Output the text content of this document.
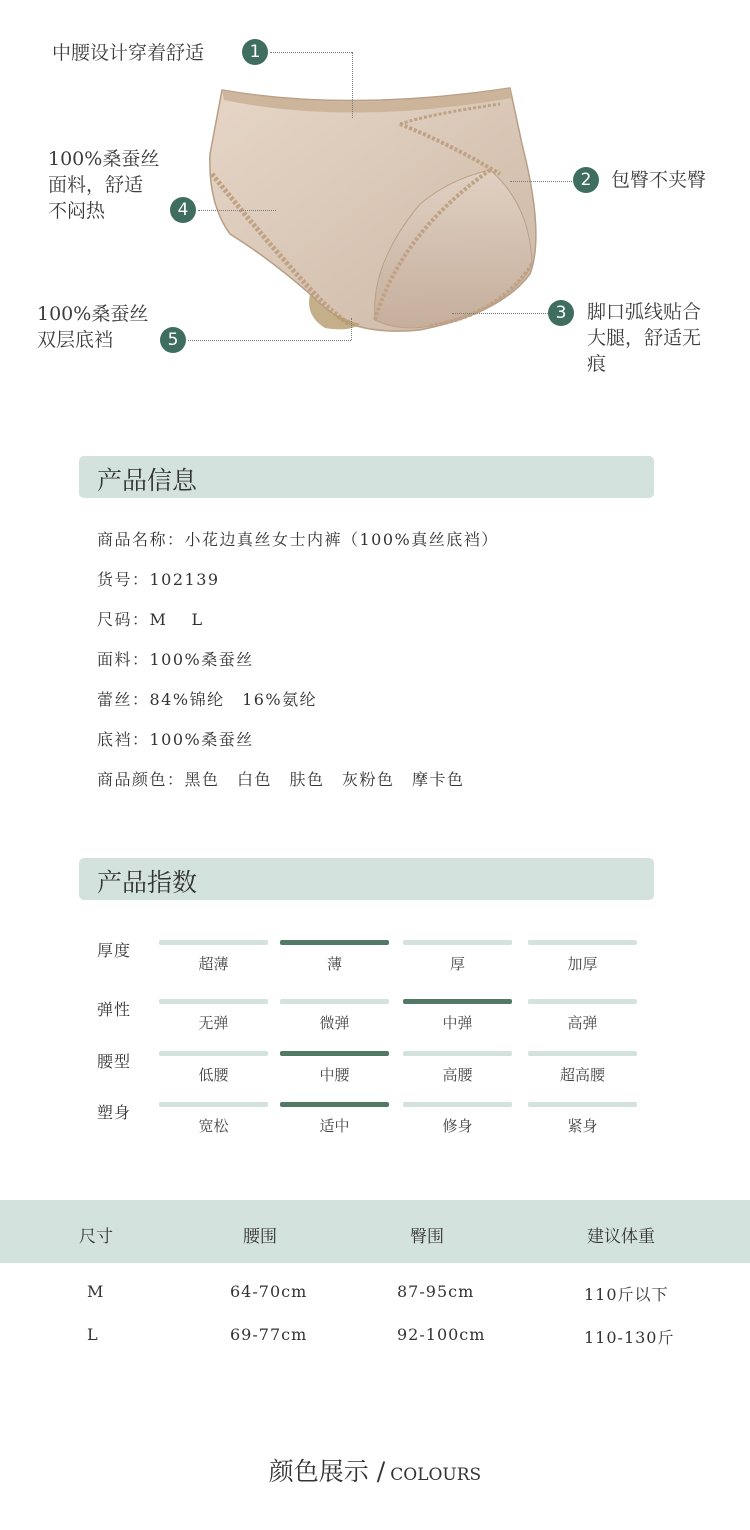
中腰设计穿着舒适	1
2	包臀不夹臀
3	脚口弧线贴合
大腿，舒适无
痕
100%桑蚕丝
面料，舒适
不闷热	4
100%桑蚕丝
双层底裆	5
产品信息
商品名称：小花边真丝女士内裤（100%真丝底裆）
货号：102139
尺码：M　 L
面料：100%桑蚕丝
蕾丝：84%锦纶　16%氨纶
底裆：100%桑蚕丝
商品颜色：黑色　白色　肤色　灰粉色　摩卡色
产品指数
厚度
超薄	薄	厚	加厚
弹性
无弹	微弹	中弹	高弹
腰型
低腰	中腰	高腰	超高腰
塑身
宽松	适中	修身	紧身
尺寸	腰围	臀围	建议体重
M	64-70cm	87-95cm	110斤以下
L	69-77cm	92-100cm	110-130斤
颜色展示 / COLOURS
